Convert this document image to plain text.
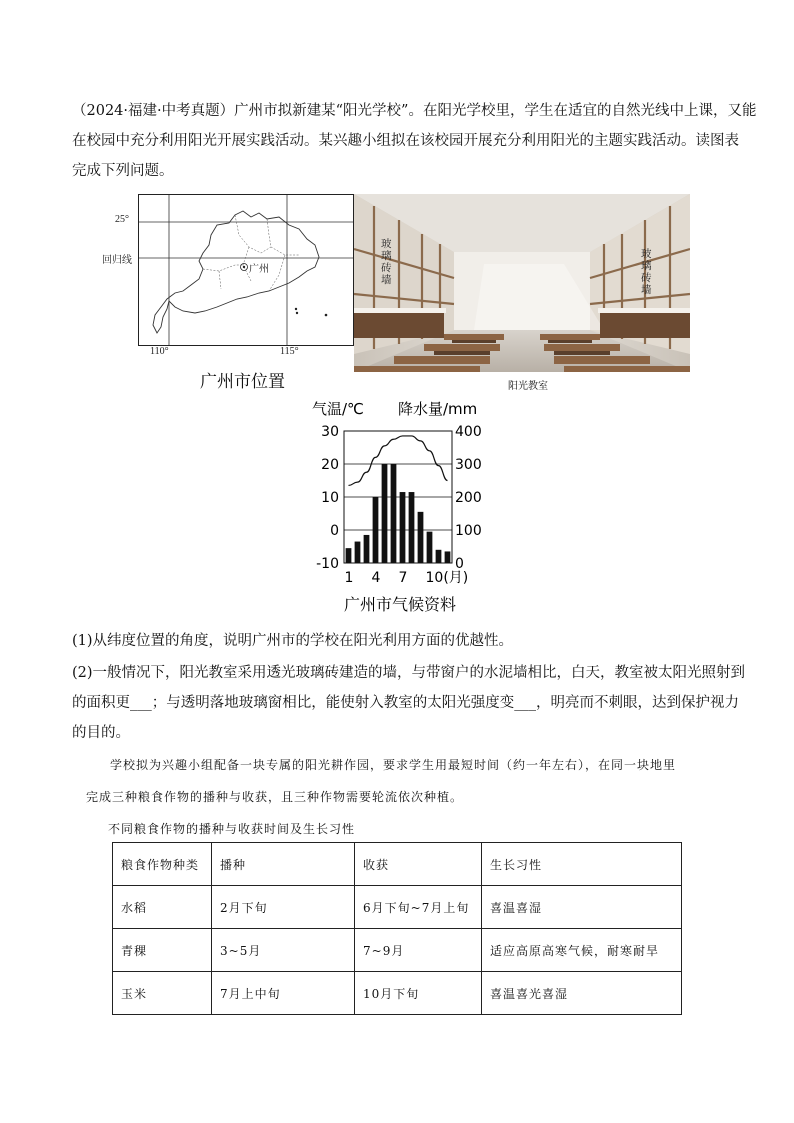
（2024·福建·中考真题）广州市拟新建某“阳光学校”。在阳光学校里，学生在适宜的自然光线中上课，又能
在校园中充分利用阳光开展实践活动。某兴趣小组拟在该校园开展充分利用阳光的主题实践活动。读图表
完成下列问题。
25°
回归线
广州
110°	115°
广州市位置
玻璃砖墙
玻璃砖墙
阳光教室
气温/℃ 降水量/mm
30
20
10
0
-10
400
300
200
100
0
1 4 7 10(月)
广州市气候资料
(1)从纬度位置的角度，说明广州市的学校在阳光利用方面的优越性。
(2)一般情况下，阳光教室采用透光玻璃砖建造的墙，与带窗户的水泥墙相比，白天，教室被太阳光照射到
的面积更___；与透明落地玻璃窗相比，能使射入教室的太阳光强度变___，明亮而不刺眼，达到保护视力
的目的。
学校拟为兴趣小组配备一块专属的阳光耕作园，要求学生用最短时间（约一年左右），在同一块地里
完成三种粮食作物的播种与收获，且三种作物需要轮流依次种植。
不同粮食作物的播种与收获时间及生长习性
粮食作物种类	播种	收获	生长习性
水稻	2月下旬	6月下旬~7月上旬	喜温喜湿
青稞	3~5月	7~9月	适应高原高寒气候，耐寒耐旱
玉米	7月上中旬	10月下旬	喜温喜光喜湿
